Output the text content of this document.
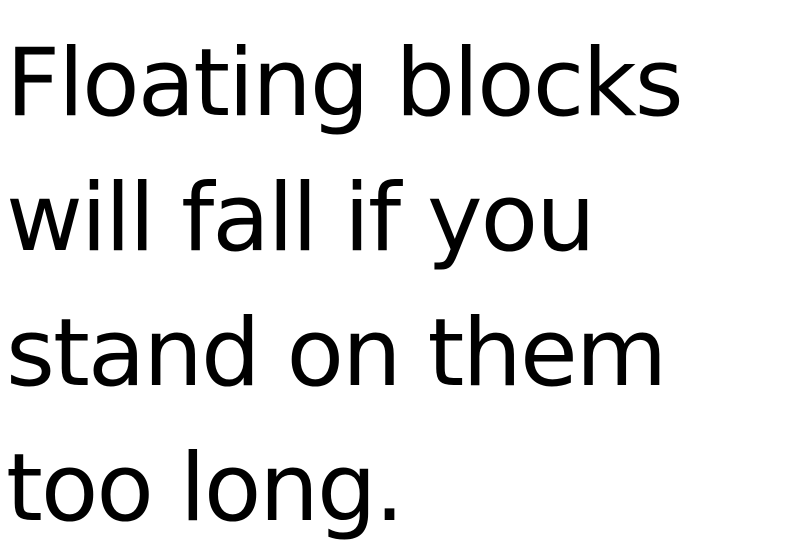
Floating blocks
will fall if you
stand on them
too long.
